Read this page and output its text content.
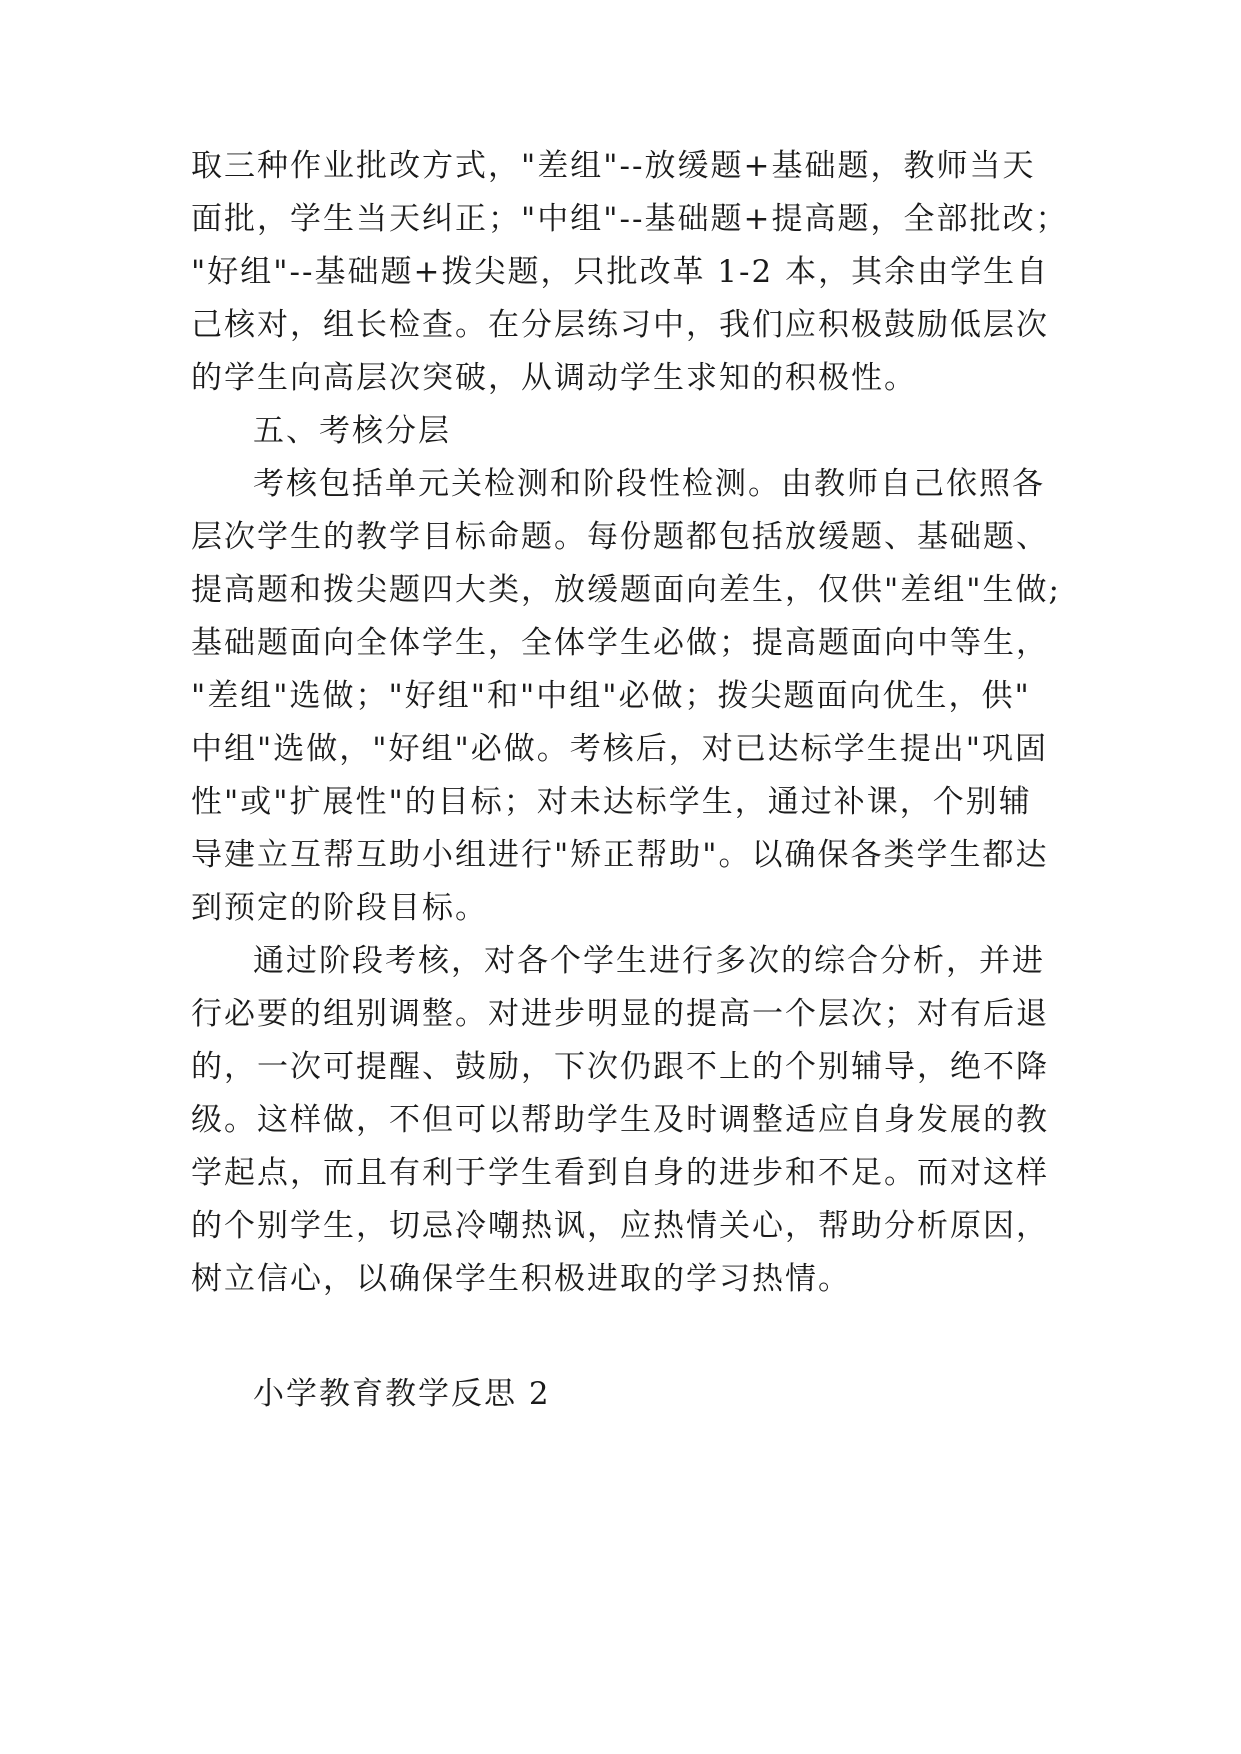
取三种作业批改方式，"差组"--放缓题+基础题，教师当天
面批，学生当天纠正；"中组"--基础题+提高题，全部批改；
"好组"--基础题+拨尖题，只批改革 1-2 本，其余由学生自
己核对，组长检查。在分层练习中，我们应积极鼓励低层次
的学生向高层次突破，从调动学生求知的积极性。
五、考核分层
考核包括单元关检测和阶段性检测。由教师自己依照各
层次学生的教学目标命题。每份题都包括放缓题、基础题、
提高题和拨尖题四大类，放缓题面向差生，仅供"差组"生做;
基础题面向全体学生，全体学生必做；提高题面向中等生，
"差组"选做；"好组"和"中组"必做；拨尖题面向优生，供"
中组"选做，"好组"必做。考核后，对已达标学生提出"巩固
性"或"扩展性"的目标；对未达标学生，通过补课，个别辅
导建立互帮互助小组进行"矫正帮助"。以确保各类学生都达
到预定的阶段目标。
通过阶段考核，对各个学生进行多次的综合分析，并进
行必要的组别调整。对进步明显的提高一个层次；对有后退
的，一次可提醒、鼓励，下次仍跟不上的个别辅导，绝不降
级。这样做，不但可以帮助学生及时调整适应自身发展的教
学起点，而且有利于学生看到自身的进步和不足。而对这样
的个别学生，切忌冷嘲热讽，应热情关心，帮助分析原因，
树立信心，以确保学生积极进取的学习热情。
小学教育教学反思 2
